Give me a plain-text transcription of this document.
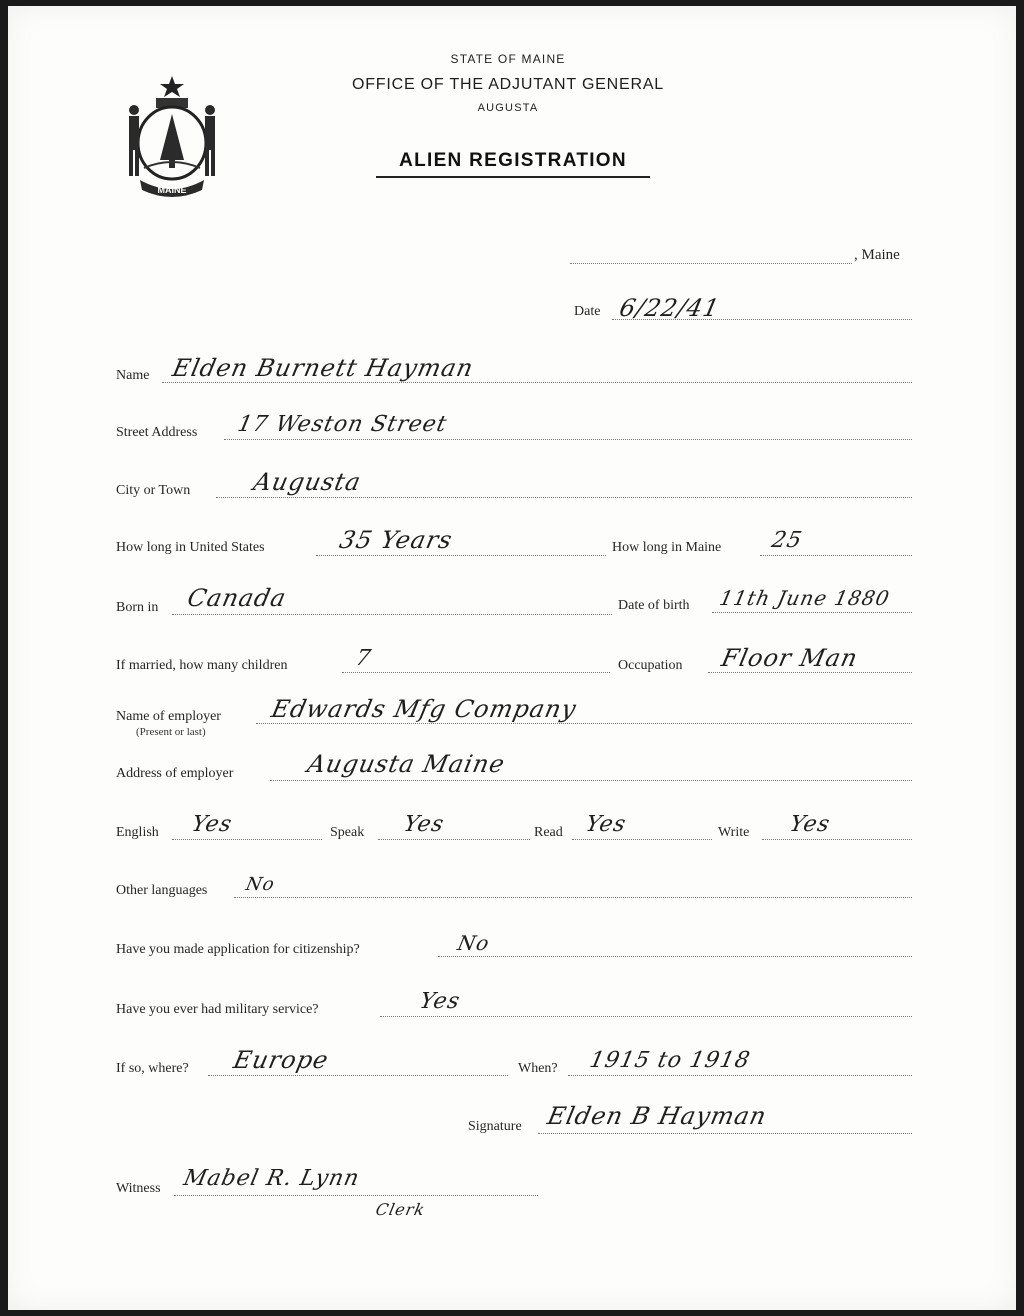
MAINE
STATE OF MAINE
OFFICE OF THE ADJUTANT GENERAL
AUGUSTA
ALIEN REGISTRATION
, Maine
Date 6/22/41
Name Elden Burnett Hayman
Street Address 17 Weston Street
City or Town	Augusta
How long in United States	35 Years	How long in Maine 25
Born in Canada	Date of birth 11th June 1880
If married, how many children	7	Occupation Floor Man
Name of employer
(Present or last)
Edwards Mfg Company
Address of employer	Augusta Maine
English Yes	Speak Yes	Read Yes	Write Yes
Other languages No
Have you made application for citizenship?	No
Have you ever had military service?	Yes
If so, where? Europe	When? 1915 to 1918
Signature Elden B Hayman
Witness Mabel R. Lynn
Clerk
